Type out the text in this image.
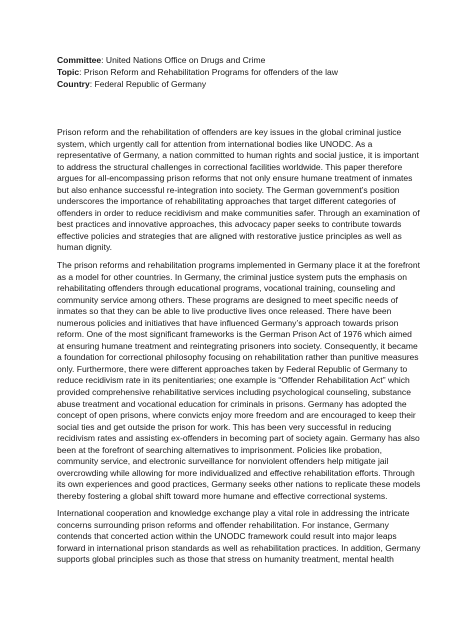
Committee: United Nations Office on Drugs and Crime
Topic: Prison Reform and Rehabilitation Programs for offenders of the law
Country: Federal Republic of Germany
Prison reform and the rehabilitation of offenders are key issues in the global criminal justice
system, which urgently call for attention from international bodies like UNODC. As a
representative of Germany, a nation committed to human rights and social justice, it is important
to address the structural challenges in correctional facilities worldwide. This paper therefore
argues for all-encompassing prison reforms that not only ensure humane treatment of inmates
but also enhance successful re-integration into society. The German government’s position
underscores the importance of rehabilitating approaches that target different categories of
offenders in order to reduce recidivism and make communities safer. Through an examination of
best practices and innovative approaches, this advocacy paper seeks to contribute towards
effective policies and strategies that are aligned with restorative justice principles as well as
human dignity.
The prison reforms and rehabilitation programs implemented in Germany place it at the forefront
as a model for other countries. In Germany, the criminal justice system puts the emphasis on
rehabilitating offenders through educational programs, vocational training, counseling and
community service among others. These programs are designed to meet specific needs of
inmates so that they can be able to live productive lives once released. There have been
numerous policies and initiatives that have influenced Germany’s approach towards prison
reform. One of the most significant frameworks is the German Prison Act of 1976 which aimed
at ensuring humane treatment and reintegrating prisoners into society. Consequently, it became
a foundation for correctional philosophy focusing on rehabilitation rather than punitive measures
only. Furthermore, there were different approaches taken by Federal Republic of Germany to
reduce recidivism rate in its penitentiaries; one example is “Offender Rehabilitation Act” which
provided comprehensive rehabilitative services including psychological counseling, substance
abuse treatment and vocational education for criminals in prisons. Germany has adopted the
concept of open prisons, where convicts enjoy more freedom and are encouraged to keep their
social ties and get outside the prison for work. This has been very successful in reducing
recidivism rates and assisting ex-offenders in becoming part of society again. Germany has also
been at the forefront of searching alternatives to imprisonment. Policies like probation,
community service, and electronic surveillance for nonviolent offenders help mitigate jail
overcrowding while allowing for more individualized and effective rehabilitation efforts. Through
its own experiences and good practices, Germany seeks other nations to replicate these models
thereby fostering a global shift toward more humane and effective correctional systems.
International cooperation and knowledge exchange play a vital role in addressing the intricate
concerns surrounding prison reforms and offender rehabilitation. For instance, Germany
contends that concerted action within the UNODC framework could result into major leaps
forward in international prison standards as well as rehabilitation practices. In addition, Germany
supports global principles such as those that stress on humanity treatment, mental health
